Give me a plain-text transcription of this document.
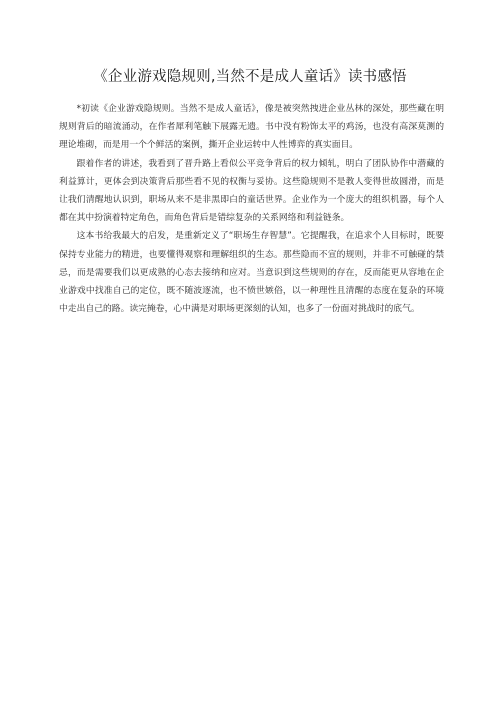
《企业游戏隐规则,当然不是成人童话》读书感悟

*初读《企业游戏隐规则。当然不是成人童话》，像是被突然拽进企业丛林的深处，那些藏在明规则背后的暗流涌动，在作者犀利笔触下展露无遗。书中没有粉饰太平的鸡汤，也没有高深莫测的理论堆砌，而是用一个个鲜活的案例，撕开企业运转中人性博弈的真实面目。

跟着作者的讲述，我看到了晋升路上看似公平竞争背后的权力倾轧，明白了团队协作中潜藏的利益算计，更体会到决策背后那些看不见的权衡与妥协。这些隐规则不是教人变得世故圆滑，而是让我们清醒地认识到，职场从来不是非黑即白的童话世界。企业作为一个庞大的组织机器，每个人都在其中扮演着特定角色，而角色背后是错综复杂的关系网络和利益链条。

这本书给我最大的启发，是重新定义了“职场生存智慧”。它提醒我，在追求个人目标时，既要保持专业能力的精进，也要懂得观察和理解组织的生态。那些隐而不宣的规则，并非不可触碰的禁忌，而是需要我们以更成熟的心态去接纳和应对。当意识到这些规则的存在，反而能更从容地在企业游戏中找准自己的定位，既不随波逐流，也不愤世嫉俗，以一种理性且清醒的态度在复杂的环境中走出自己的路。读完掩卷，心中满是对职场更深刻的认知，也多了一份面对挑战时的底气。
